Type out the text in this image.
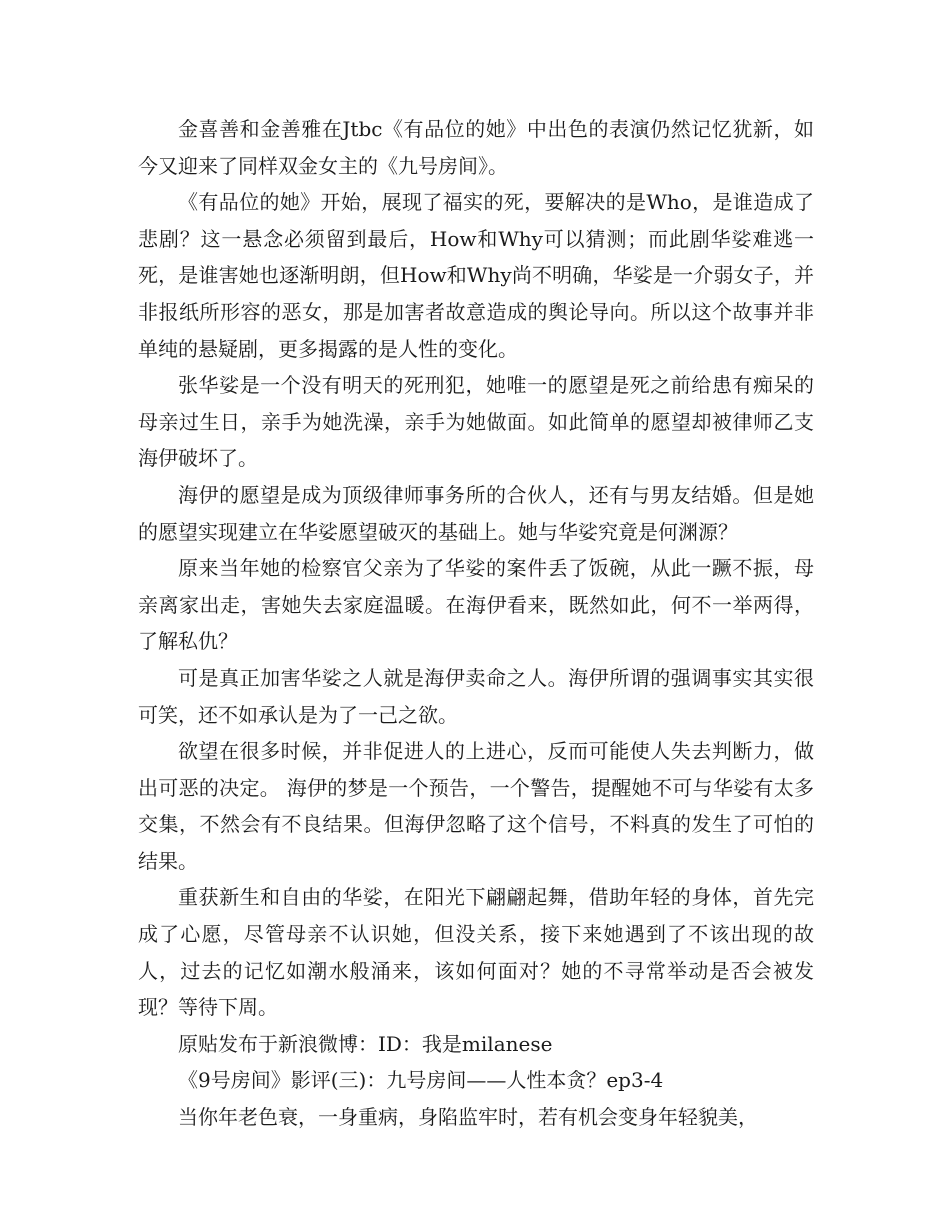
金喜善和金善雅在Jtbc《有品位的她》中出色的表演仍然记忆犹新，如今又迎来了同样双金女主的《九号房间》。

《有品位的她》开始，展现了福实的死，要解决的是Who，是谁造成了悲剧？这一悬念必须留到最后，How和Why可以猜测；而此剧华娑难逃一死，是谁害她也逐渐明朗，但How和Why尚不明确，华娑是一介弱女子，并非报纸所形容的恶女，那是加害者故意造成的舆论导向。所以这个故事并非单纯的悬疑剧，更多揭露的是人性的变化。

张华娑是一个没有明天的死刑犯，她唯一的愿望是死之前给患有痴呆的母亲过生日，亲手为她洗澡，亲手为她做面。如此简单的愿望却被律师乙支海伊破坏了。

海伊的愿望是成为顶级律师事务所的合伙人，还有与男友结婚。但是她的愿望实现建立在华娑愿望破灭的基础上。她与华娑究竟是何渊源？

原来当年她的检察官父亲为了华娑的案件丢了饭碗，从此一蹶不振，母亲离家出走，害她失去家庭温暖。在海伊看来，既然如此，何不一举两得，了解私仇？

可是真正加害华娑之人就是海伊卖命之人。海伊所谓的强调事实其实很可笑，还不如承认是为了一己之欲。

欲望在很多时候，并非促进人的上进心，反而可能使人失去判断力，做出可恶的决定。 海伊的梦是一个预告，一个警告，提醒她不可与华娑有太多交集，不然会有不良结果。但海伊忽略了这个信号，不料真的发生了可怕的结果。

重获新生和自由的华娑，在阳光下翩翩起舞，借助年轻的身体，首先完成了心愿，尽管母亲不认识她，但没关系，接下来她遇到了不该出现的故人，过去的记忆如潮水般涌来，该如何面对？她的不寻常举动是否会被发现？等待下周。

原贴发布于新浪微博：ID：我是milanese

《9号房间》影评(三)：九号房间——人性本贪？ep3-4

当你年老色衰，一身重病，身陷监牢时，若有机会变身年轻貌美，
